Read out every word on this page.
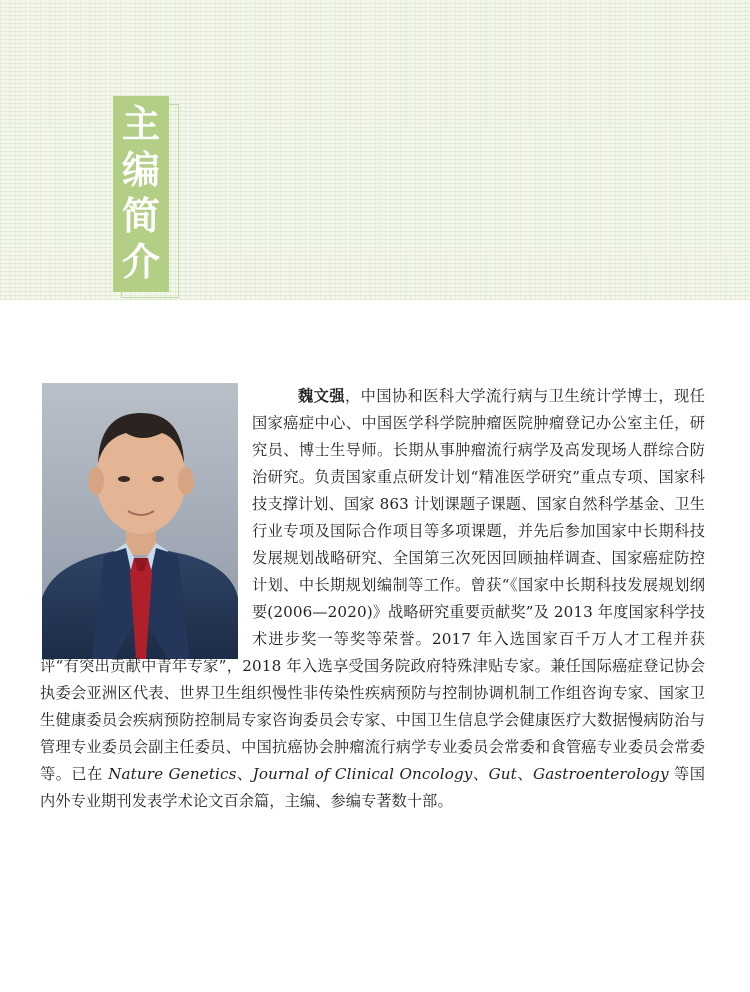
主
编
简
介
魏文强，中国协和医科大学流行病与卫生统计学博士，现任国家癌症中心、中国医学科学院肿瘤医院肿瘤登记办公室主任，研究员、博士生导师。长期从事肿瘤流行病学及高发现场人群综合防治研究。负责国家重点研发计划“精准医学研究”重点专项、国家科技支撑计划、国家 863 计划课题子课题、国家自然科学基金、卫生行业专项及国际合作项目等多项课题，并先后参加国家中长期科技发展规划战略研究、全国第三次死因回顾抽样调查、国家癌症防控计划、中长期规划编制等工作。曾获“《国家中长期科技发展规划纲要(2006—2020)》战略研究重要贡献奖”及 2013 年度国家科学技术进步奖一等奖等荣誉。2017 年入选国家百千万人才工程并获评“有突出贡献中青年专家”，2018 年入选享受国务院政府特殊津贴专家。兼任国际癌症登记协会执委会亚洲区代表、世界卫生组织慢性非传染性疾病预防与控制协调机制工作组咨询专家、国家卫生健康委员会疾病预防控制局专家咨询委员会专家、中国卫生信息学会健康医疗大数据慢病防治与管理专业委员会副主任委员、中国抗癌协会肿瘤流行病学专业委员会常委和食管癌专业委员会常委等。已在 Nature Genetics、Journal of Clinical Oncology、Gut、Gastroenterology 等国内外专业期刊发表学术论文百余篇，主编、参编专著数十部。
